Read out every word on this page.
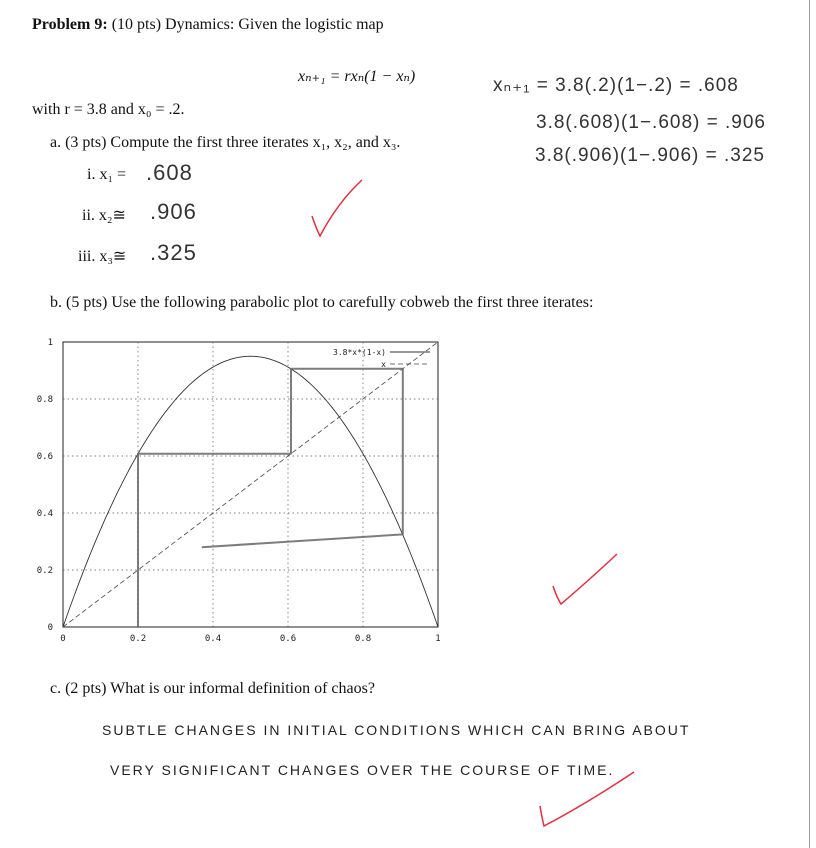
Problem 9: (10 pts) Dynamics: Given the logistic map
xₙ₊₁ = rxₙ(1 − xₙ)
with r = 3.8 and x₀ = .2.
a. (3 pts) Compute the first three iterates x₁, x₂, and x₃.
i. x₁ = .608
ii. x₂≅ .906
iii. x₃≅ .325
xₙ₊₁ = 3.8(.2)(1−.2) = .608
3.8(.608)(1−.608) = .906
3.8(.906)(1−.906) = .325
b. (5 pts) Use the following parabolic plot to carefully cobweb the first three iterates:
0	0.2	0.4	0.6	0.8	1
0
0.2
0.4
0.6
0.8
1
3.8*x*(1-x)
x
c. (2 pts) What is our informal definition of chaos?
SUBTLE CHANGES IN INITIAL CONDITIONS WHICH CAN BRING ABOUT
VERY SIGNIFICANT CHANGES OVER THE COURSE OF TIME.
